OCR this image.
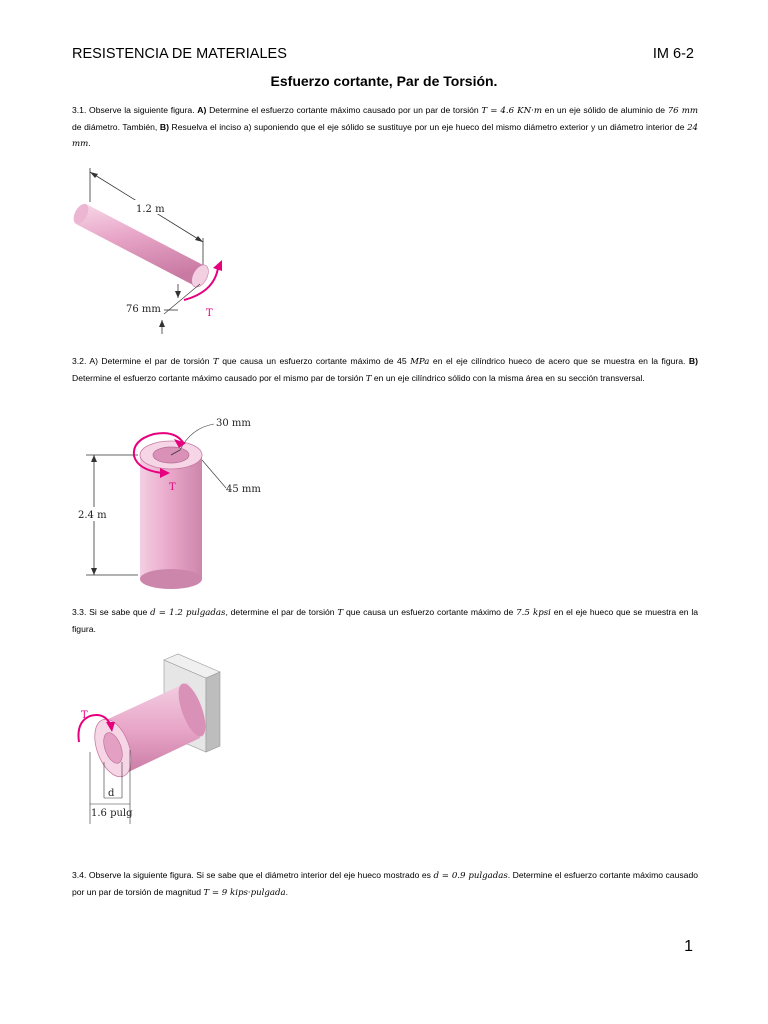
RESISTENCIA DE MATERIALES	IM 6-2
Esfuerzo cortante, Par de Torsión.
3.1. Observe la siguiente figura. A) Determine el esfuerzo cortante máximo causado por un par de torsión T = 4.6 KN·m en un eje sólido de aluminio de 76 mm de diámetro. También, B) Resuelva el inciso a) suponiendo que el eje sólido se sustituye por un eje hueco del mismo diámetro exterior y un diámetro interior de 24 mm.
1.2 m
76 mm	T
3.2. A) Determine el par de torsión T que causa un esfuerzo cortante máximo de 45 MPa en el eje cilíndrico hueco de acero que se muestra en la figura. B) Determine el esfuerzo cortante máximo causado por el mismo par de torsión T en un eje cilíndrico sólido con la misma área en su sección transversal.
2.4 m
30 mm
45 mm
T
3.3. Si se sabe que d = 1.2 pulgadas, determine el par de torsión T que causa un esfuerzo cortante máximo de 7.5 kpsi en el eje hueco que se muestra en la figura.
T
d
1.6 pulg
3.4. Observe la siguiente figura. Si se sabe que el diámetro interior del eje hueco mostrado es d = 0.9 pulgadas. Determine el esfuerzo cortante máximo causado por un par de torsión de magnitud T = 9 kips·pulgada.
1
